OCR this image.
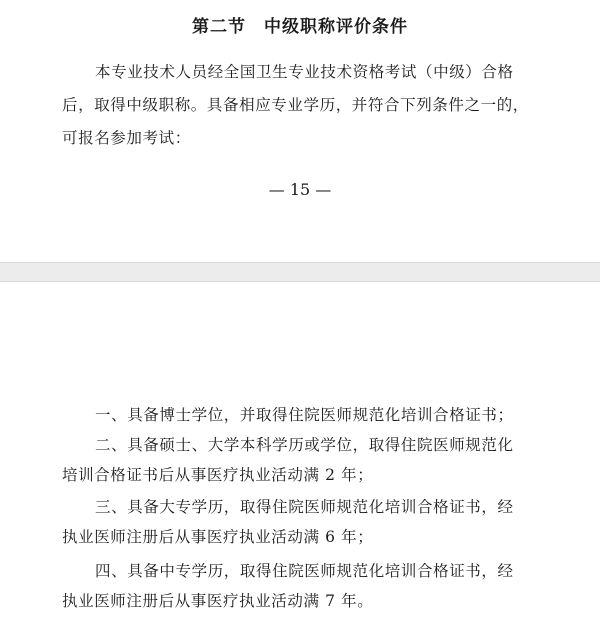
第二节　中级职称评价条件

本专业技术人员经全国卫生专业技术资格考试（中级）合格

后，取得中级职称。具备相应专业学历，并符合下列条件之一的，

可报名参加考试：

— 15 —

一、具备博士学位，并取得住院医师规范化培训合格证书；

二、具备硕士、大学本科学历或学位，取得住院医师规范化

培训合格证书后从事医疗执业活动满 2 年；

三、具备大专学历，取得住院医师规范化培训合格证书，经

执业医师注册后从事医疗执业活动满 6 年；

四、具备中专学历，取得住院医师规范化培训合格证书，经

执业医师注册后从事医疗执业活动满 7 年。
